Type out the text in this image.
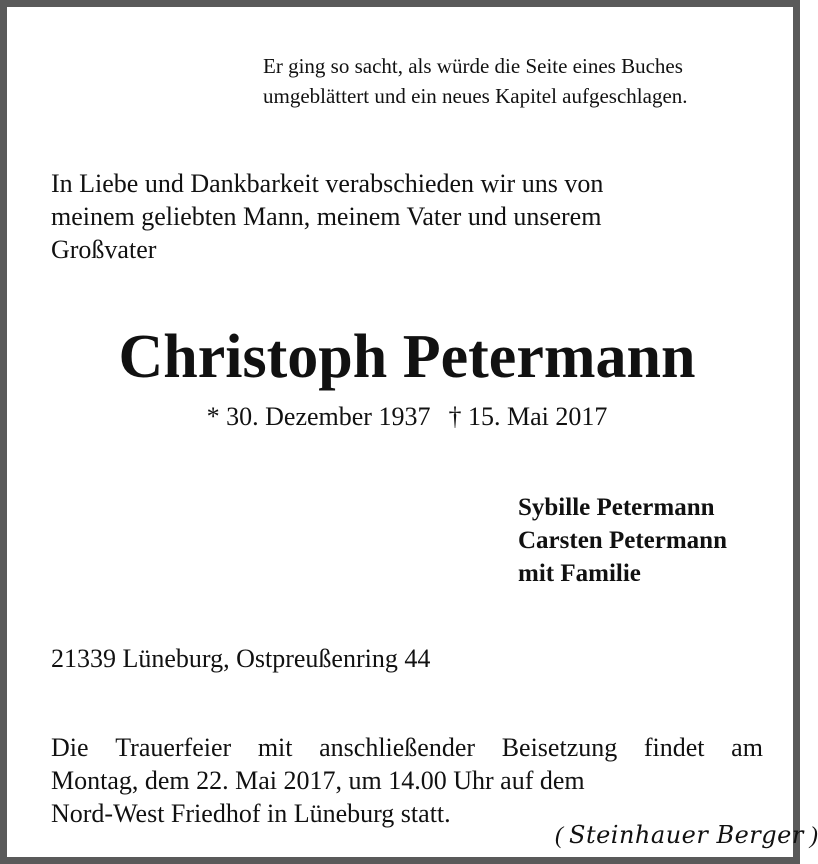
Er ging so sacht, als würde die Seite eines Buches
umgeblättert und ein neues Kapitel aufgeschlagen.
In Liebe und Dankbarkeit verabschieden wir uns von
meinem geliebten Mann, meinem Vater und unserem
Großvater
Christoph Petermann
* 30. Dezember 1937 † 15. Mai 2017
Sybille Petermann
Carsten Petermann
mit Familie
21339 Lüneburg, Ostpreußenring 44
Die Trauerfeier mit anschließender Beisetzung findet am
Montag, dem 22. Mai 2017, um 14.00 Uhr auf dem
Nord-West Friedhof in Lüneburg statt.
( Steinhauer Berger )
